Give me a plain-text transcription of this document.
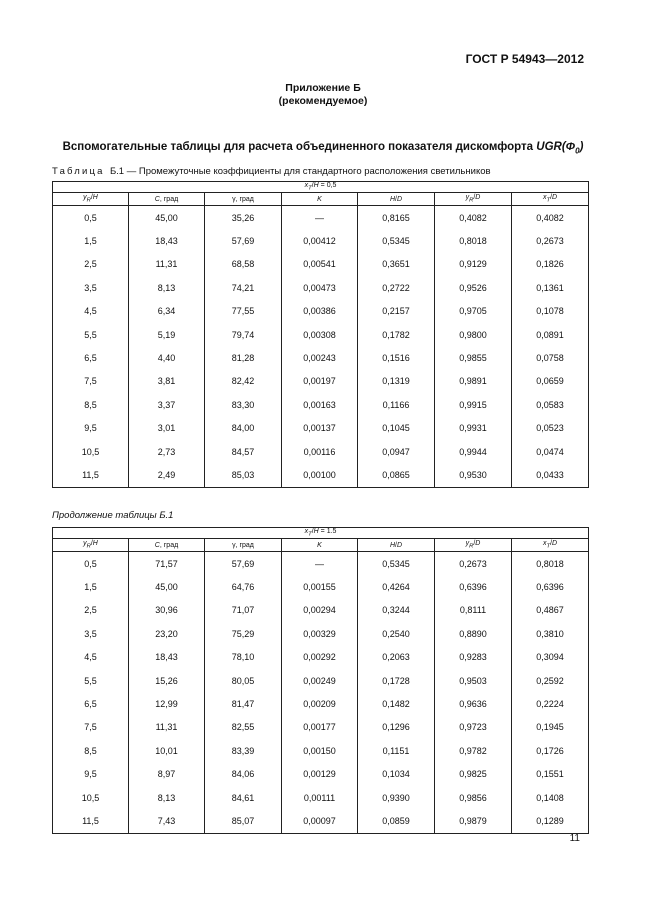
ГОСТ Р 54943—2012
Приложение Б
(рекомендуемое)
Вспомогательные таблицы для расчета объединенного показателя дискомфорта $UGR(\Phi_0)$
Таблица Б.1 — Промежуточные коэффициенты для стандартного расположения светильников
$x_T/H = 0,5$						
$y_R/H$	C, град	γ, град	K	H/D	$y_R/D$	$x_T/D$
0,5	45,00	35,26	—	0,8165	0,4082	0,4082
1,5	18,43	57,69	0,00412	0,5345	0,8018	0,2673
2,5	11,31	68,58	0,00541	0,3651	0,9129	0,1826
3,5	8,13	74,21	0,00473	0,2722	0,9526	0,1361
4,5	6,34	77,55	0,00386	0,2157	0,9705	0,1078
5,5	5,19	79,74	0,00308	0,1782	0,9800	0,0891
6,5	4,40	81,28	0,00243	0,1516	0,9855	0,0758
7,5	3,81	82,42	0,00197	0,1319	0,9891	0,0659
8,5	3,37	83,30	0,00163	0,1166	0,9915	0,0583
9,5	3,01	84,00	0,00137	0,1045	0,9931	0,0523
10,5	2,73	84,57	0,00116	0,0947	0,9944	0,0474
11,5	2,49	85,03	0,00100	0,0865	0,9530	0,0433
Продолжение таблицы Б.1
$x_T/H = 1.5$						
$y_R/H$	C, град	γ, град	K	H/D	$y_R/D$	$x_T/D$
0,5	71,57	57,69	—	0,5345	0,2673	0,8018
1,5	45,00	64,76	0,00155	0,4264	0,6396	0,6396
2,5	30,96	71,07	0,00294	0,3244	0,8111	0,4867
3,5	23,20	75,29	0,00329	0,2540	0,8890	0,3810
4,5	18,43	78,10	0,00292	0,2063	0,9283	0,3094
5,5	15,26	80,05	0,00249	0,1728	0,9503	0,2592
6,5	12,99	81,47	0,00209	0,1482	0,9636	0,2224
7,5	11,31	82,55	0,00177	0,1296	0,9723	0,1945
8,5	10,01	83,39	0,00150	0,1151	0,9782	0,1726
9,5	8,97	84,06	0,00129	0,1034	0,9825	0,1551
10,5	8,13	84,61	0,00111	0,9390	0,9856	0,1408
11,5	7,43	85,07	0,00097	0,0859	0,9879	0,1289
11
